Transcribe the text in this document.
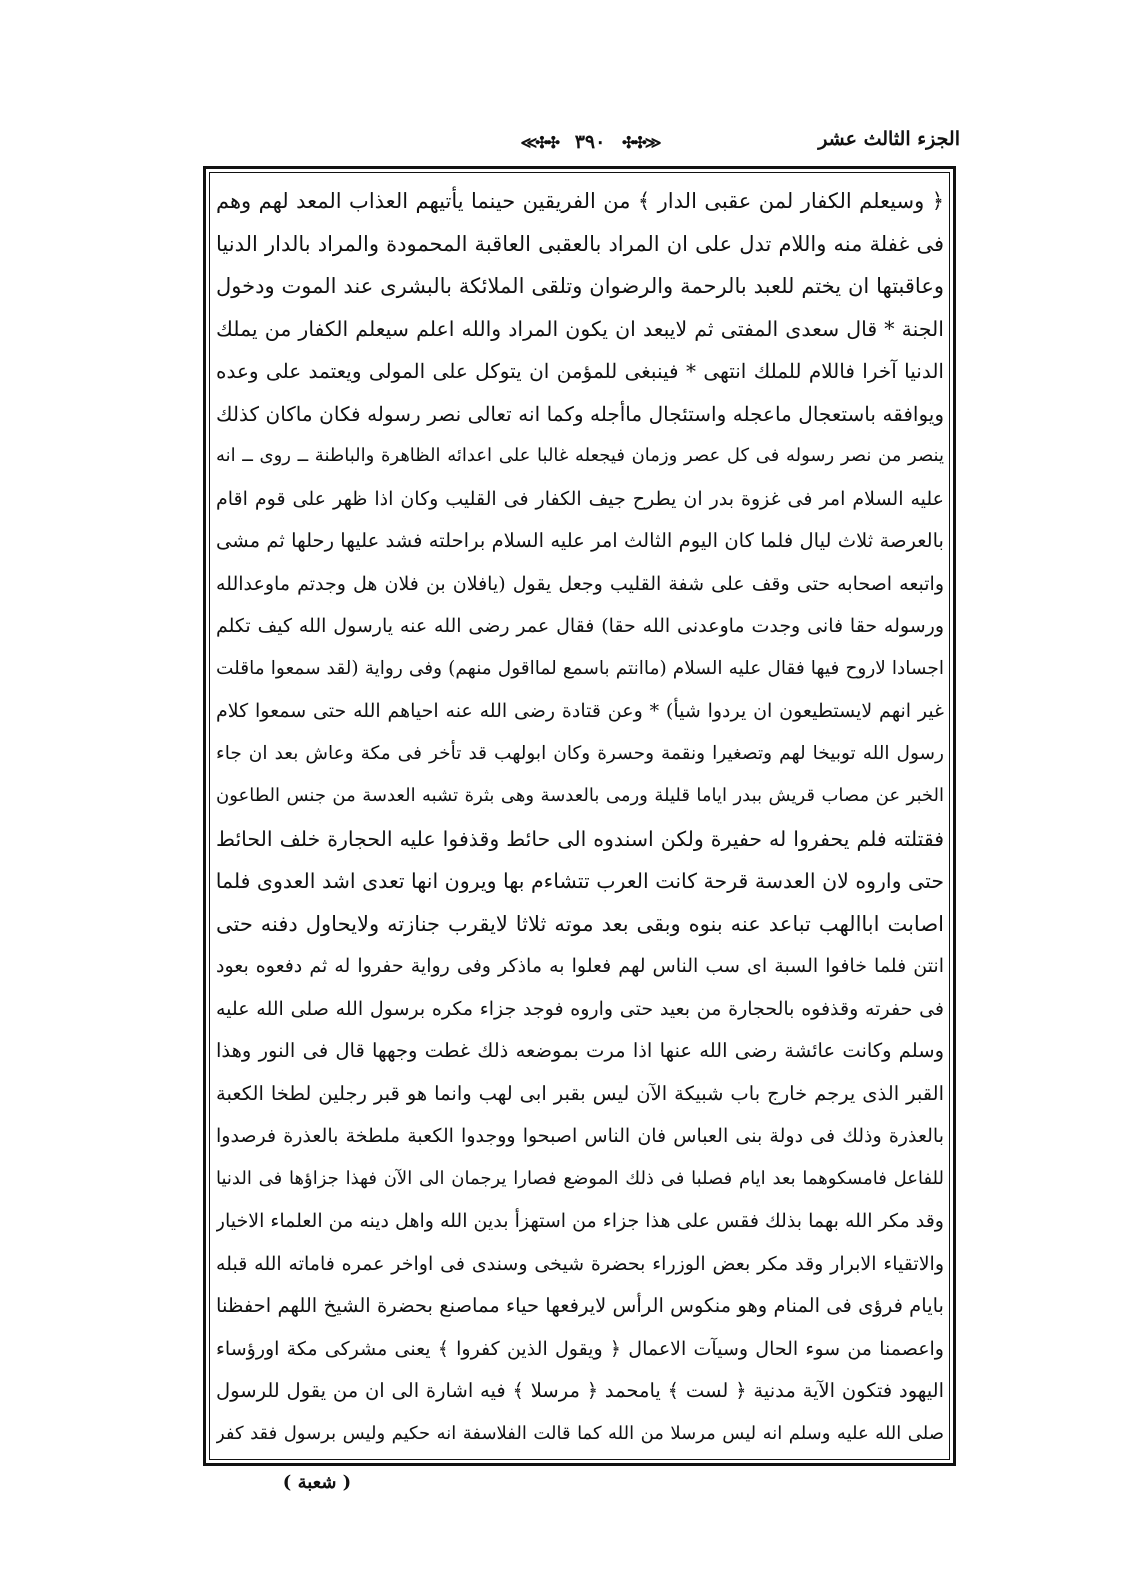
الجزء الثالث عشر
≪✣✣ ٣٩٠ ✣✣≫
﴿ وسيعلم الكفار لمن عقبى الدار ﴾ من الفريقين حينما يأتيهم العذاب المعد لهم وهم
فى غفلة منه واللام تدل على ان المراد بالعقبى العاقبة المحمودة والمراد بالدار الدنيا
وعاقبتها ان يختم للعبد بالرحمة والرضوان وتلقى الملائكة بالبشرى عند الموت ودخول
الجنة * قال سعدى المفتى ثم لايبعد ان يكون المراد والله اعلم سيعلم الكفار من يملك
الدنيا آخرا فاللام للملك انتهى * فينبغى للمؤمن ان يتوكل على المولى ويعتمد على وعده
ويوافقه باستعجال ماعجله واستئجال ماأجله وكما انه تعالى نصر رسوله فكان ماكان كذلك
ينصر من نصر رسوله فى كل عصر وزمان فيجعله غالبا على اعدائه الظاهرة والباطنة ــ روى ــ انه
عليه السلام امر فى غزوة بدر ان يطرح جيف الكفار فى القليب وكان اذا ظهر على قوم اقام
بالعرصة ثلاث ليال فلما كان اليوم الثالث امر عليه السلام براحلته فشد عليها رحلها ثم مشى
واتبعه اصحابه حتى وقف على شفة القليب وجعل يقول (يافلان بن فلان هل وجدتم ماوعدالله
ورسوله حقا فانى وجدت ماوعدنى الله حقا) فقال عمر رضى الله عنه يارسول الله كيف تكلم
اجسادا لاروح فيها فقال عليه السلام (ماانتم باسمع لمااقول منهم) وفى رواية (لقد سمعوا ماقلت
غير انهم لايستطيعون ان يردوا شيأ) * وعن قتادة رضى الله عنه احياهم الله حتى سمعوا كلام
رسول الله توبيخا لهم وتصغيرا ونقمة وحسرة وكان ابولهب قد تأخر فى مكة وعاش بعد ان جاء
الخبر عن مصاب قريش ببدر اياما قليلة ورمى بالعدسة وهى بثرة تشبه العدسة من جنس الطاعون
فقتلته فلم يحفروا له حفيرة ولكن اسندوه الى حائط وقذفوا عليه الحجارة خلف الحائط
حتى واروه لان العدسة قرحة كانت العرب تتشاءم بها ويرون انها تعدى اشد العدوى فلما
اصابت اباالهب تباعد عنه بنوه وبقى بعد موته ثلاثا لايقرب جنازته ولايحاول دفنه حتى
انتن فلما خافوا السبة اى سب الناس لهم فعلوا به ماذكر وفى رواية حفروا له ثم دفعوه بعود
فى حفرته وقذفوه بالحجارة من بعيد حتى واروه فوجد جزاء مكره برسول الله صلى الله عليه
وسلم وكانت عائشة رضى الله عنها اذا مرت بموضعه ذلك غطت وجهها قال فى النور وهذا
القبر الذى يرجم خارج باب شبيكة الآن ليس بقبر ابى لهب وانما هو قبر رجلين لطخا الكعبة
بالعذرة وذلك فى دولة بنى العباس فان الناس اصبحوا ووجدوا الكعبة ملطخة بالعذرة فرصدوا
للفاعل فامسكوهما بعد ايام فصلبا فى ذلك الموضع فصارا يرجمان الى الآن فهذا جزاؤها فى الدنيا
وقد مكر الله بهما بذلك فقس على هذا جزاء من استهزأ بدين الله واهل دينه من العلماء الاخيار
والاتقياء الابرار وقد مكر بعض الوزراء بحضرة شيخى وسندى فى اواخر عمره فاماته الله قبله
بايام فرؤى فى المنام وهو منكوس الرأس لايرفعها حياء مماصنع بحضرة الشيخ اللهم احفظنا
واعصمنا من سوء الحال وسيآت الاعمال ﴿ ويقول الذين كفروا ﴾ يعنى مشركى مكة اورؤساء
اليهود فتكون الآية مدنية ﴿ لست ﴾ يامحمد ﴿ مرسلا ﴾ فيه اشارة الى ان من يقول للرسول
صلى الله عليه وسلم انه ليس مرسلا من الله كما قالت الفلاسفة انه حكيم وليس برسول فقد كفر
( شعبة )
